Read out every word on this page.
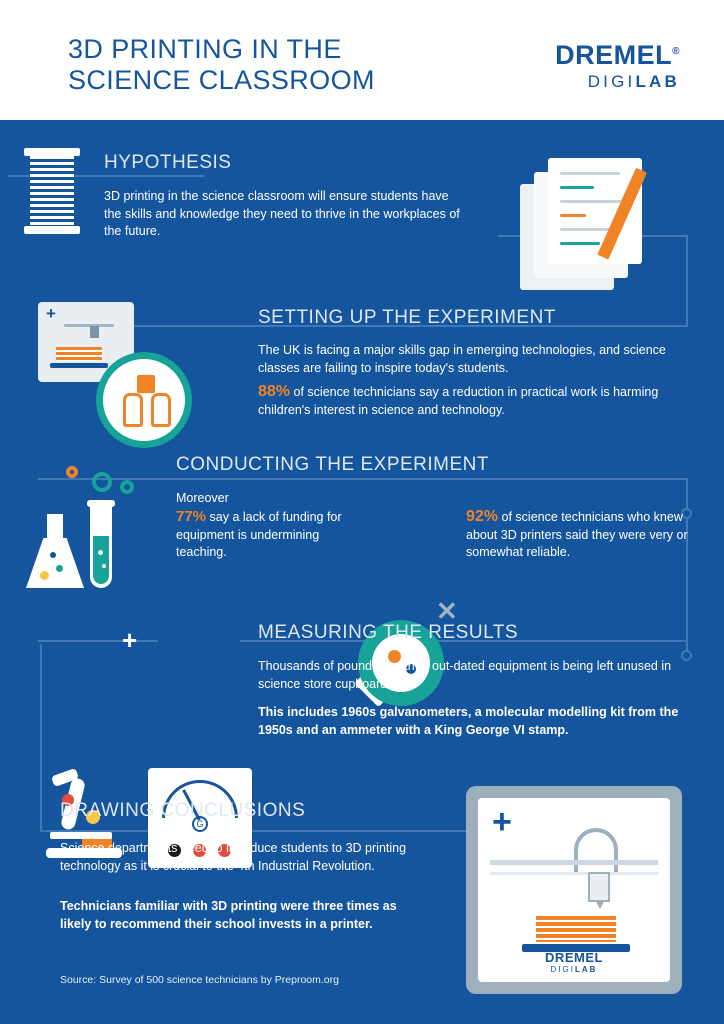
3D PRINTING IN THE SCIENCE CLASSROOM
DREMEL®
DIGILAB
HYPOTHESIS
3D printing in the science classroom will ensure students have the skills and knowledge they need to thrive in the workplaces of the future.
+	SETTING UP THE EXPERIMENT
The UK is facing a major skills gap in emerging technologies, and science classes are failing to inspire today's students.
88% of science technicians say a reduction in practical work is harming children's interest in science and technology.
CONDUCTING THE EXPERIMENT
Moreover
77% say a lack of funding for equipment is undermining teaching.
✕
92% of science technicians who knew about 3D printers said they were very or somewhat reliable.
+
G
MEASURING THE RESULTS
Thousands of pound's worth of out-dated equipment is being left unused in science store cupboards.
This includes 1960s galvanometers, a molecular modelling kit from the 1950s and an ammeter with a King George VI stamp.
DRAWING CONCLUSIONS
Science departments need to introduce students to 3D printing technology as it is crucial to the 4th Industrial Revolution.
Technicians familiar with 3D printing were three times as likely to recommend their school invests in a printer.
+
DREMEL
DIGILAB
Source: Survey of 500 science technicians by Preproom.org
